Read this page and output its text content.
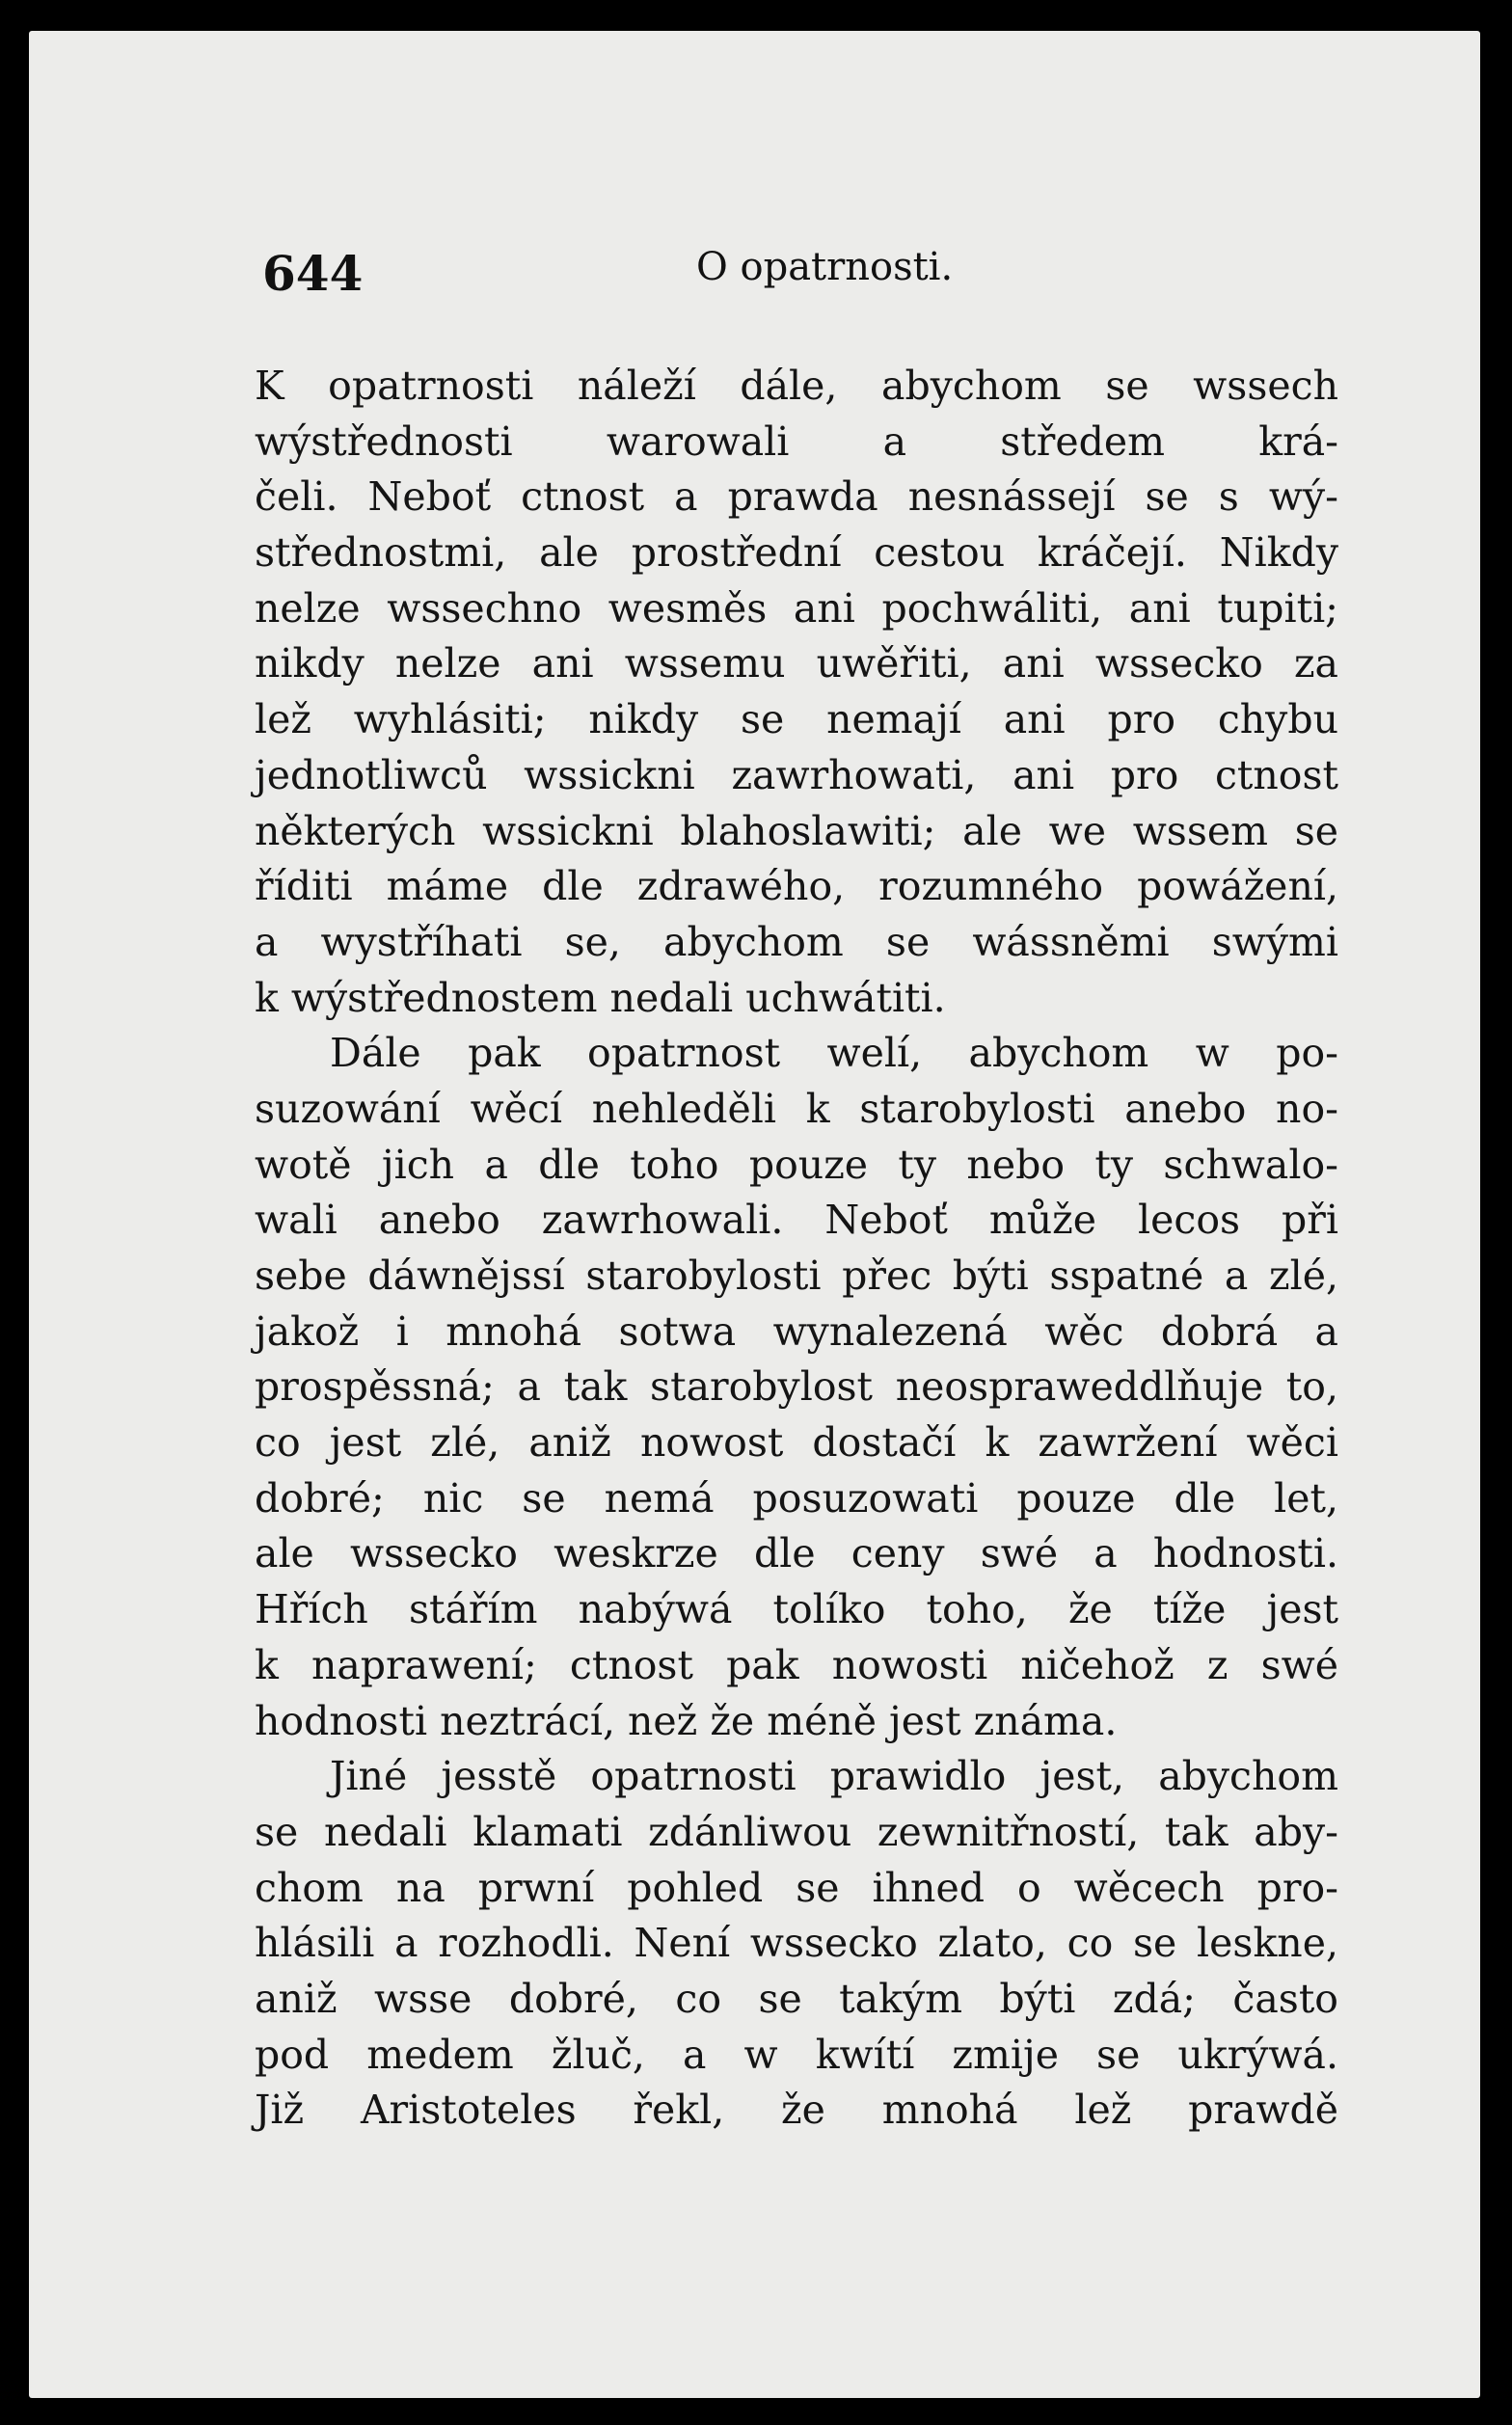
644	O opatrnosti.
K opatrnosti náleží dále, abychom se wssech
wýstřednosti warowali a středem krá-
čeli. Neboť ctnost a prawda nesnássejí se s wý-
střednostmi, ale prostřední cestou kráčejí. Nikdy
nelze wssechno wesměs ani pochwáliti, ani tupiti;
nikdy nelze ani wssemu uwěřiti, ani wssecko za
lež wyhlásiti; nikdy se nemají ani pro chybu
jednotliwců wssickni zawrhowati, ani pro ctnost
některých wssickni blahoslawiti; ale we wssem se
říditi máme dle zdrawého, rozumného powážení,
a wystříhati se, abychom se wássněmi swými
k wýstřednostem nedali uchwátiti.
Dále pak opatrnost welí, abychom w po-
suzowání wěcí nehleděli k starobylosti anebo no-
wotě jich a dle toho pouze ty nebo ty schwalo-
wali anebo zawrhowali. Neboť může lecos při
sebe dáwnějssí starobylosti přec býti sspatné a zlé,
jakož i mnohá sotwa wynalezená wěc dobrá a
prospěssná; a tak starobylost neospraweddlňuje to,
co jest zlé, aniž nowost dostačí k zawržení wěci
dobré; nic se nemá posuzowati pouze dle let,
ale wssecko weskrze dle ceny swé a hodnosti.
Hřích stářím nabýwá tolíko toho, že tíže jest
k naprawení; ctnost pak nowosti ničehož z swé
hodnosti neztrácí, než že méně jest známa.
Jiné jesstě opatrnosti prawidlo jest, abychom
se nedali klamati zdánliwou zewnitřností, tak aby-
chom na prwní pohled se ihned o wěcech pro-
hlásili a rozhodli. Není wssecko zlato, co se leskne,
aniž wsse dobré, co se takým býti zdá; často
pod medem žluč, a w kwítí zmije se ukrýwá.
Již Aristoteles řekl, že mnohá lež prawdě
